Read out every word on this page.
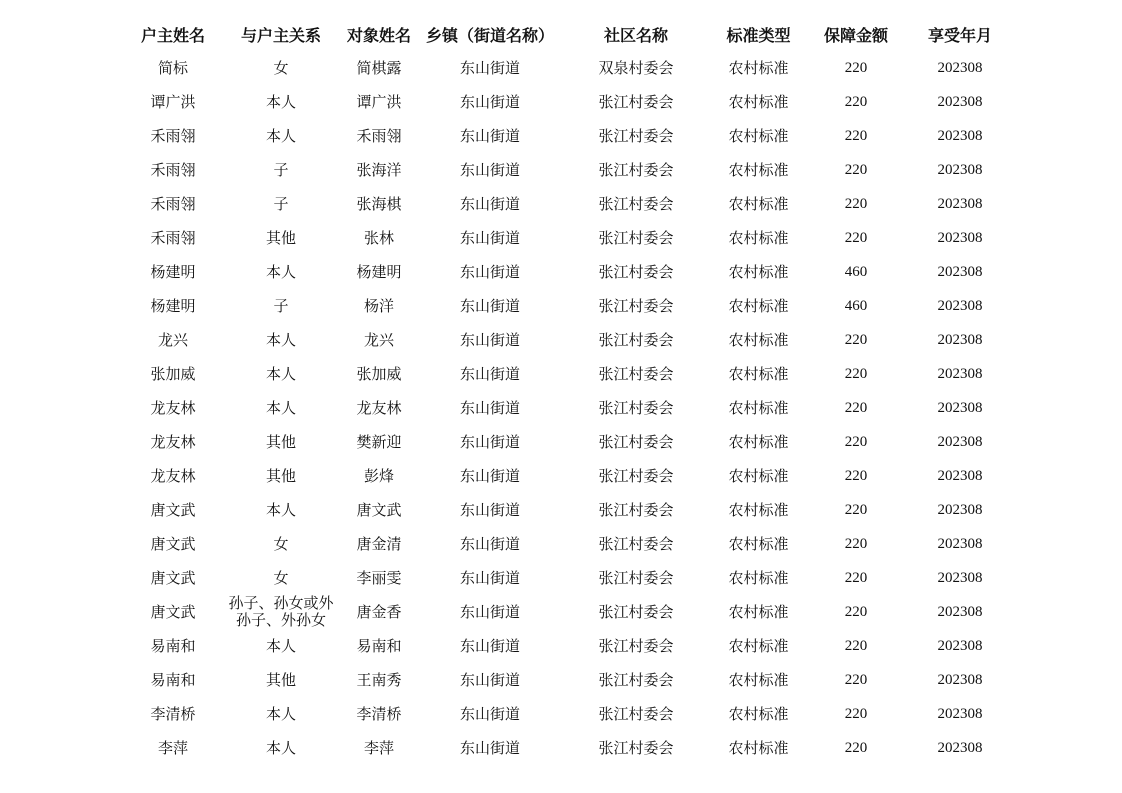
户主姓名	与户主关系	对象姓名	乡镇（街道名称）	社区名称	标准类型	保障金额	享受年月
简标	女	简棋露	东山街道	双泉村委会	农村标准	220	202308
谭广洪	本人	谭广洪	东山街道	张江村委会	农村标准	220	202308
禾雨翎	本人	禾雨翎	东山街道	张江村委会	农村标准	220	202308
禾雨翎	子	张海洋	东山街道	张江村委会	农村标准	220	202308
禾雨翎	子	张海棋	东山街道	张江村委会	农村标准	220	202308
禾雨翎	其他	张林	东山街道	张江村委会	农村标准	220	202308
杨建明	本人	杨建明	东山街道	张江村委会	农村标准	460	202308
杨建明	子	杨洋	东山街道	张江村委会	农村标准	460	202308
龙兴	本人	龙兴	东山街道	张江村委会	农村标准	220	202308
张加威	本人	张加威	东山街道	张江村委会	农村标准	220	202308
龙友林	本人	龙友林	东山街道	张江村委会	农村标准	220	202308
龙友林	其他	樊新迎	东山街道	张江村委会	农村标准	220	202308
龙友林	其他	彭烽	东山街道	张江村委会	农村标准	220	202308
唐文武	本人	唐文武	东山街道	张江村委会	农村标准	220	202308
唐文武	女	唐金清	东山街道	张江村委会	农村标准	220	202308
唐文武	女	李丽雯	东山街道	张江村委会	农村标准	220	202308
唐文武	孙子、孙女或外孙子、外孙女	唐金香	东山街道	张江村委会	农村标准	220	202308
易南和	本人	易南和	东山街道	张江村委会	农村标准	220	202308
易南和	其他	王南秀	东山街道	张江村委会	农村标准	220	202308
李清桥	本人	李清桥	东山街道	张江村委会	农村标准	220	202308
李萍	本人	李萍	东山街道	张江村委会	农村标准	220	202308
